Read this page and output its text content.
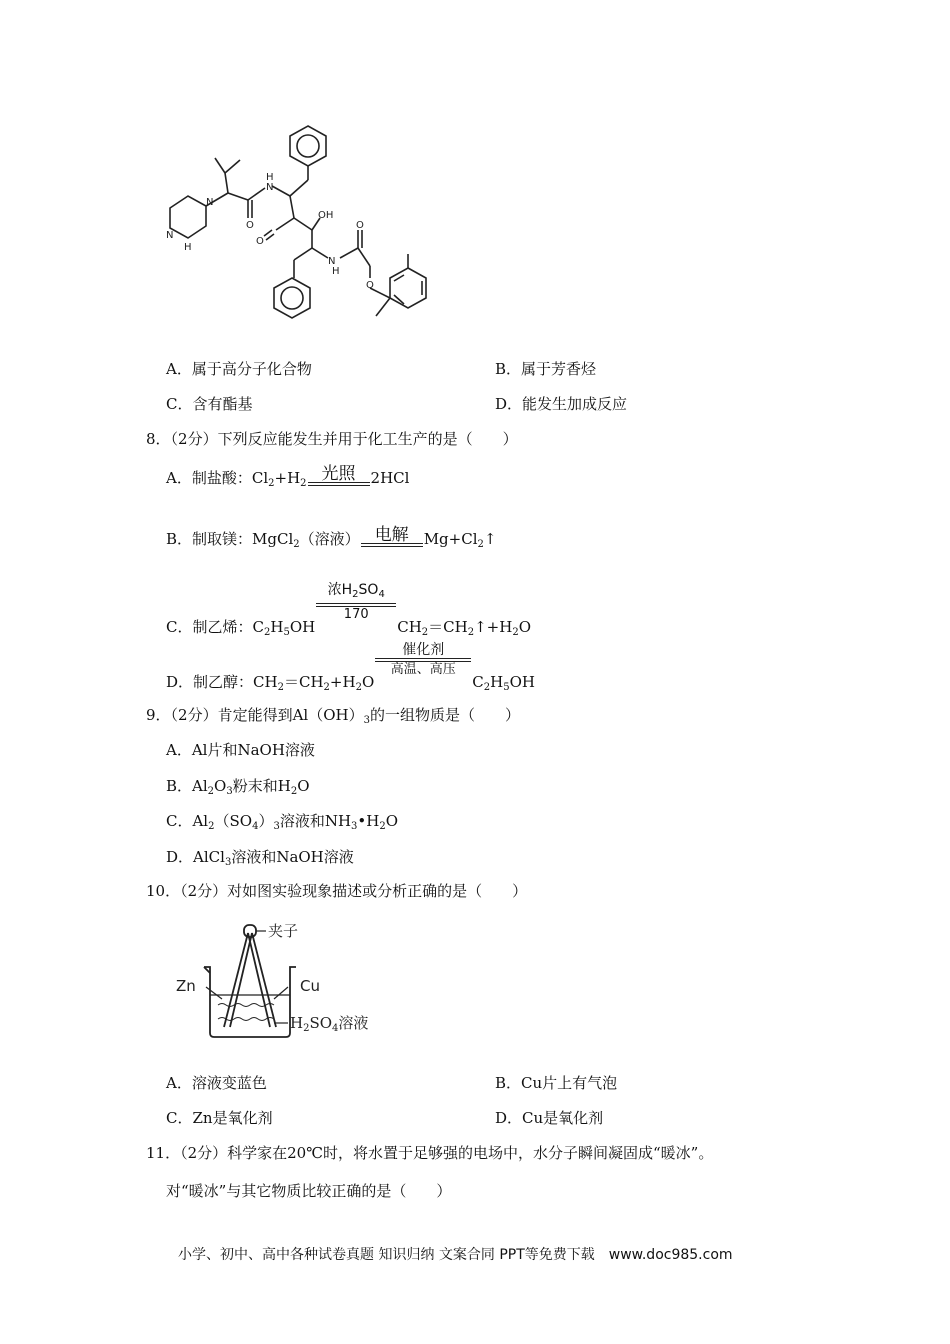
H
N
N
N
H
O
O
OH
N
H
O
O
A．属于高分子化合物	B．属于芳香烃
C．含有酯基	D．能发生加成反应
8．（2分）下列反应能发生并用于化工生产的是（　　）
A．制盐酸：$Cl_2+H_2$ 光照	2HCl
B．制取镁：MgCl$_2$（溶液） 电解	$Mg+Cl_2↑$
C．制乙烯：$C_2H_5OH$
浓$H_2SO_4$
170
$CH_2=CH_2↑+H_2O$
D．制乙醇：$CH_2=CH_2+H_2O$
催化剂
高温、高压
$C_2H_5OH$
9．（2分）肯定能得到$Al(OH)_3$的一组物质是（　　）
A．Al片和NaOH溶液
B．$Al_2O_3$粉末和$H_2O$
C．$Al_2(SO_4)_3$溶液和$NH_3•H_2O$
D．AlCl$_3$溶液和NaOH溶液
10．（2分）对如图实验现象描述或分析正确的是（　　）
夹子
Zn	Cu
$H_2SO_4$溶液
A．溶液变蓝色	B．Cu片上有气泡
C．Zn是氧化剂	D．Cu是氧化剂
11．（2分）科学家在20℃时，将水置于足够强的电场中，水分子瞬间凝固成“暖冰”。
对“暖冰”与其它物质比较正确的是（　　）
小学、初中、高中各种试卷真题 知识归纳 文案合同 PPT等免费下载　www.doc985.com
